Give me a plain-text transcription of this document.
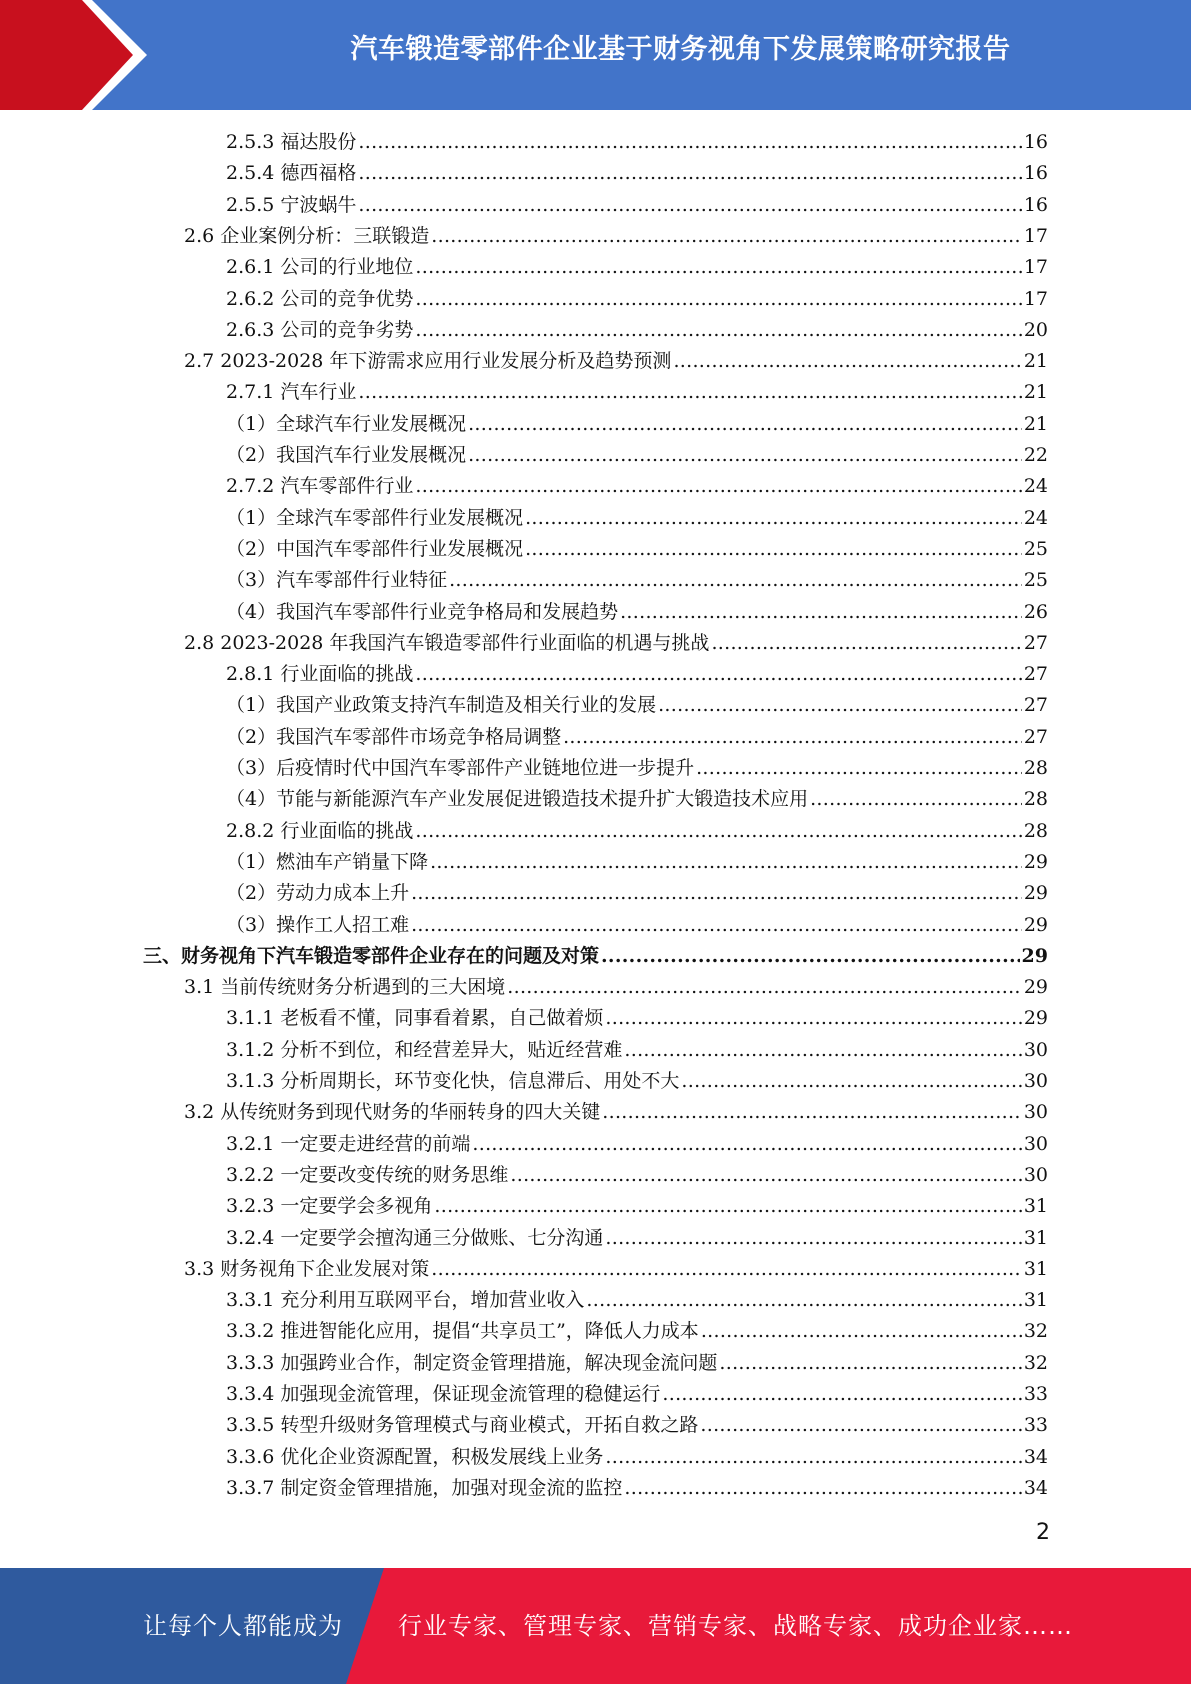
汽车锻造零部件企业基于财务视角下发展策略研究报告
2.5.3 福达股份 .....	16
2.5.4 德西福格 .....	16
2.5.5 宁波蜗牛 .....	16
2.6 企业案例分析：三联锻造 .....	17
2.6.1 公司的行业地位 .....	17
2.6.2 公司的竞争优势 .....	17
2.6.3 公司的竞争劣势 .....	20
2.7 2023-2028 年下游需求应用行业发展分析及趋势预测 .....	21
2.7.1 汽车行业 .....	21
（1）全球汽车行业发展概况 .....	21
（2）我国汽车行业发展概况 .....	22
2.7.2 汽车零部件行业 .....	24
（1）全球汽车零部件行业发展概况 .....	24
（2）中国汽车零部件行业发展概况 .....	25
（3）汽车零部件行业特征 .....	25
（4）我国汽车零部件行业竞争格局和发展趋势 .....	26
2.8 2023-2028 年我国汽车锻造零部件行业面临的机遇与挑战 .....	27
2.8.1 行业面临的挑战 .....	27
（1）我国产业政策支持汽车制造及相关行业的发展 .....	27
（2）我国汽车零部件市场竞争格局调整 .....	27
（3）后疫情时代中国汽车零部件产业链地位进一步提升 .....	28
（4）节能与新能源汽车产业发展促进锻造技术提升扩大锻造技术应用 .....	28
2.8.2 行业面临的挑战 .....	28
（1）燃油车产销量下降 .....	29
（2）劳动力成本上升 .....	29
（3）操作工人招工难 .....	29
三、财务视角下汽车锻造零部件企业存在的问题及对策 .....	29
3.1 当前传统财务分析遇到的三大困境 .....	29
3.1.1 老板看不懂，同事看着累，自己做着烦 .....	29
3.1.2 分析不到位，和经营差异大，贴近经营难 .....	30
3.1.3 分析周期长，环节变化快，信息滞后、用处不大 .....	30
3.2 从传统财务到现代财务的华丽转身的四大关键 .....	30
3.2.1 一定要走进经营的前端 .....	30
3.2.2 一定要改变传统的财务思维 .....	30
3.2.3 一定要学会多视角 .....	31
3.2.4 一定要学会擅沟通三分做账、七分沟通 .....	31
3.3 财务视角下企业发展对策 .....	31
3.3.1 充分利用互联网平台，增加营业收入 .....	31
3.3.2 推进智能化应用，提倡“共享员工”，降低人力成本 .....	32
3.3.3 加强跨业合作，制定资金管理措施，解决现金流问题 .....	32
3.3.4 加强现金流管理，保证现金流管理的稳健运行 .....	33
3.3.5 转型升级财务管理模式与商业模式，开拓自救之路 .....	33
3.3.6 优化企业资源配置，积极发展线上业务 .....	34
3.3.7 制定资金管理措施，加强对现金流的监控 .....	34
2
让每个人都能成为 行业专家、管理专家、营销专家、战略专家、成功企业家……
